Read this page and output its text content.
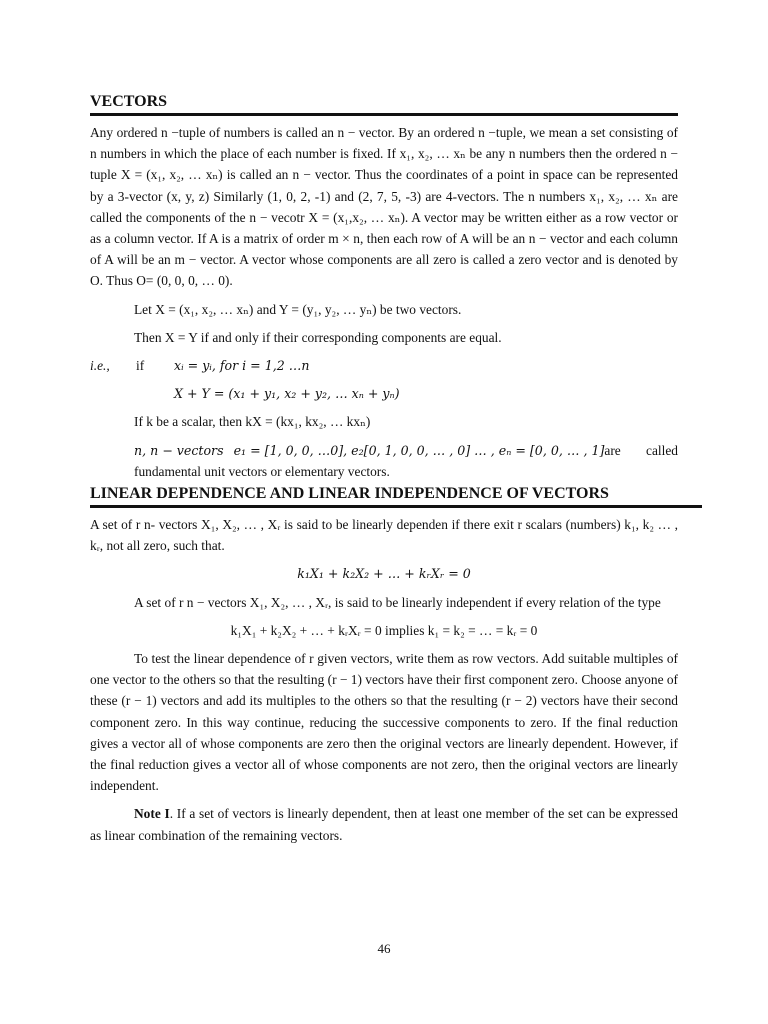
VECTORS

Any ordered n −tuple of numbers is called an n − vector. By an ordered n −tuple, we mean a set consisting of n numbers in which the place of each number is fixed. If x₁, x₂, … xₙ be any n numbers then the ordered n − tuple X = (x₁, x₂, … xₙ) is called an n − vector. Thus the coordinates of a point in space can be represented by a 3-vector (x, y, z) Similarly (1, 0, 2, -1) and (2, 7, 5, -3) are 4-vectors. The n numbers x₁, x₂, … xₙ are called the components of the n − vecotr X = (x₁,x₂, … xₙ). A vector may be written either as a row vector or as a column vector. If A is a matrix of order m × n, then each row of A will be an n − vector and each column of A will be an m − vector. A vector whose components are all zero is called a zero vector and is denoted by O. Thus O= (0, 0, 0, … 0).

Let X = (x₁, x₂, … xₙ) and Y = (y₁, y₂, … yₙ) be two vectors.

Then X = Y if and only if their corresponding components are equal.

i.e., if xᵢ = yᵢ, for i = 1,2 …n

X + Y = (x₁ + y₁, x₂ + y₂, … xₙ + yₙ)

If k be a scalar, then kX = (kx₁, kx₂, … kxₙ)

n, n − vectors e₁ = [1, 0, 0, …0], e₂[0, 1, 0, 0, … , 0] … , eₙ = [0, 0, … , 1] are	called

fundamental unit vectors or elementary vectors.

LINEAR DEPENDENCE AND LINEAR INDEPENDENCE OF VECTORS

A set of r n- vectors X₁, X₂, … , Xᵣ is said to be linearly dependen if there exit r scalars (numbers) k₁, k₂ … , kᵣ, not all zero, such that.

k₁X₁ + k₂X₂ + … + kᵣXᵣ = 0

A set of r n − vectors X₁, X₂, … , Xᵣ, is said to be linearly independent if every relation of the type

k₁X₁ + k₂X₂ + … + kᵣXᵣ = 0 implies k₁ = k₂ = … = kᵣ = 0

To test the linear dependence of r given vectors, write them as row vectors. Add suitable multiples of one vector to the others so that the resulting (r − 1) vectors have their first component zero. Choose anyone of these (r − 1) vectors and add its multiples to the others so that the resulting (r − 2) vectors have their second component zero. In this way continue, reducing the successive components to zero. If the final reduction gives a vector all of whose components are zero then the original vectors are linearly dependent. However, if the final reduction gives a vector all of whose components are not zero, then the original vectors are linearly independent.

Note I. If a set of vectors is linearly dependent, then at least one member of the set can be expressed as linear combination of the remaining vectors.

46
